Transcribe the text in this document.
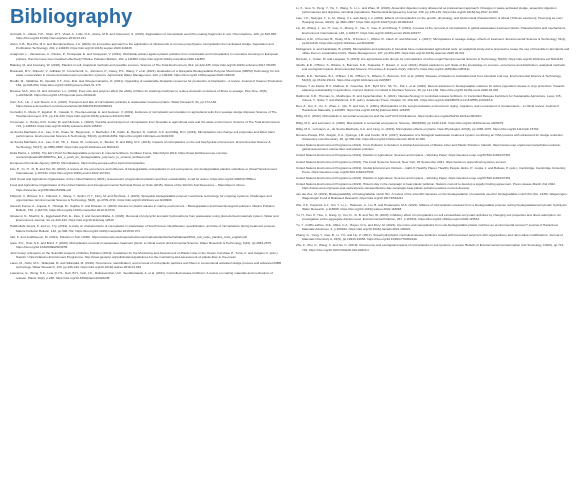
Bibliography

Accinelli, C., Abbas, H.K., Shier, W.T., Vicari, A., Little, N.S., Aloise, M.R. and Giacomini, S. (2019). Degradation of microplastic seed film-coating fragments in soil. Chemosphere, 226, pp.645-650. https://doi.org/10.1016/j.chemosphere.2019.03.161

Alvim, C.B., Bes-Piá, M.A. and Mendoza-Roca, J.A. (2020). An innovative approach to the application of ultrasounds to remove polyethylene microplastics from activated sludge. Separation and Purification Technology, 204, p.118439. https://doi.org/10.1016/j.seppur.2020.118439

Anagnosti, L., Varvaresou, A., Pavlou, P., Protopapa, E. and Carayanni, V. (2021). Worldwide actions against plastic pollution from microbeads and microplastics in cosmetics focusing on European policies. Has the issue been handled effectively? Marine Pollution Bulletin, 162, p.111883. https://doi.org/10.1016/j.marpolbul.2020.111883

Blaising, M. and Amelung, W. (2018). Plastics in soil: Analytical methods and possible sources. Science of The Total Environment, 612, pp.422-435. https://doi.org/10.1016/j.scitotenv.2017.08.086

Braunack, M.V., Filipović, V., Adhikari, R., Freischmidt, G., Johnston, P., Casey, P.S., Wang, Y. et al. (2021). Evaluation of a Sprayable Biodegradable Polymer Membrane (SBPM) Technology for soil water conservation in tomato and watermelon production systems. Agricultural Water Management, 243, p.106446. https://doi.org/10.1016/j.agwat.2020.106446

Brodhi, M., Vallabias, M., Opelalli, V.T., Arce, M.E. and Ortega-Caniazco, D. (2021). Upgrading of sustainable bioplastic resources for production of bioplastics - A review. Journal of Cleaner Production, 182, pp.646-664. https://doi.org/10.1016/j.jclepro.2021.01.175

Browne, M.A., Ros, M. and Johnston, L.L. (2020). Pore-size and polymer affect the ability of filters for washing-machines to reduce domestic emissions of fibres to sewage. Plos One, 15(6), p.e0234248. https://doi.org/10.1371/journal.pone.0234248

Carr, S.A., Liu, J. and Tesoro, A.G. (2016). Transport and fate of microplastic particles in wastewater treatment plants. Water Research, 91, pp.174-182. https://www.sciencedirect.com/science/article/pii/S0043135416300021

Corradini, F., Meza, P., Eguiluz, R., Casado, F., Huerta-Lwanga, E. and Geissen, V. (2019). Evidence of microplastic accumulation in agricultural soils from sewage sludge disposal. Science of The Total Environment, 671, pp.411-420. https://doi.org/10.1016/j.scitotenv.2019.03.368

Crossman, J., Hurley, R.R., Futter, M. and Nizzetto, L. (2020). Transfer and transport of microplastics from biosolids to agricultural soils and the wider environment. Science of The Total Environment, 724, p.138334. https://doi.org/10.1016/j.scitotenv.2020.138334

de Souza Machado, A.A., Lau, C.W., Kloas, W., Bergmann, J., Bachelier, J.B., Faltin, E., Becker, R., Görlich, A.S. and Rillig, M.C. (2019). Microplastics can change soil properties and affect plant performance. Environmental Science & Technology, 53(10), pp.6044-6052. https://doi.org/10.1021/acs.est.9b01339

de Souza Machado, A.A., Lau, C.W., Till, J., Kloas, W., Lehmann, A., Becker, R. and Rillig, M.C. (2018). Impacts of microplastics on the soil biophysical environment. Environmental Science & Technology, 52(17), pp.9656-9665. https://doi.org/10.1021/acs.est.8b02212

Della Pietra, L. (2019). The EU's Push for Biodegradable polymers in mineral fertilisers. Fertiliser Focus, March/April 2019. https://www.fertilizereurope.com/wp-content/uploads/2019/08/The_EU_s_push_for_biodegradable_polymers_in_mineral_fertilisers.pdf

European Chemicals Agency (2019). Microplastics. https://echa.europa.eu/hot-topics/microplastics

Fan, P., Yu, H., Xi, B. and Tan, W. (2022). A review on the occurrence and influence of biodegradable microplastics in soil ecosystems: Are biodegradable plastics substitute or threat? Environment International, p.107244. https://doi.org/10.1016/j.envint.2022.107244

FAO (Food and Agriculture Organization of the United Nations) (2021). Assessment of agricultural plastics and their sustainability: A call for action. https://doi.org/10.4060/cb7856en

Food and Agriculture Organization of the United Nations and Intergovernmental Technical Panel on Soils (2015). Status of the World's Soil Resources – Main Report. Rome. https://www.fao.org/3/i5199e/I5199E.pdf

Filipović, V., Bristow, K.L., Filipović, L., Wang, Y., Sintim, H.Y., Flury, M. and Šimůnek, J. (2020). Sprayable biodegradable polymer membrane technology for cropping systems: Challenges and opportunities. Environmental Science & Technology, 54(8), pp.4709-4711. https://doi.org/10.1021/acs.est.0c00909

Ganesh Kumar, A., Anjana, K., Hinduja, M., Sujitha, K. and Dharani, G. (2020). Review on plastic wastes in marine environment – Biodegradation and biotechnological solutions. Marine Pollution Bulletin, 150, p.110733. https://doi.org/10.1016/j.marpolbul.2019.110733

Ghasemi, N., Sberbly, G., Eggebøedl-Poh, E., Zare, F. and Gozentnillaba, A. (2020). Removal of polycyclic aromatic hydrocarbons from wastewater using plant-derived materials system. Water and Environment Journal, 34, pp.420-424. https://doi.org/10.1111/wej.12540

Habibollahi Jevani, K. and Lu, T.Q. (2019). A study on characteristics of microplastic in wastewater of South Korea: Identification, quantification, and fate of microplastics during treatment process. Marine Pollution Bulletin, 146, pp.696-702. https://doi.org/10.1016/j.marpolbul.2019.06.071

Idel, K. and Jeddiheever, M. (2021). Plastics in Soil. NABU. https://www.nabu.de/imperia/md/content/nabude/landwirtschaft/aktuell/2021_soil_nabu_plastics_soils_english.pdf

Iyare, P.U., Ouki, S.K. and Bond, T. (2020). Microplastics removal in wastewater treatment plants: a critical review. Environmental Science: Water Research & Technology, 6(10), pp.2664-2675. https://doi.org/10.1039/D0EW00397B

Joint Group of Experts on the Scientific Aspects of Marine Pollution (2019). Guidelines for the Monitoring and Assessment of Plastic Litter in the Ocean. Kershaw, P., Turra, A. and Galgani, F. (eds.). Nairobi: United Nations Environment Programme. http://www.gesamp.org/publications/guidelines-for-the-monitoring-and-assessment-of-plastic-litter-in-the-ocean

Lares, M., Ncibi, M.C., Sillanpää, M. and Sillanpää, M. (2019). Occurrence, identification, and removal of microplastic particles and fibers in conventional activated sludge process and advanced MBR technology. Water Research, 133, pp.236-246. https://doi.org/10.1016/j.watres.2018.01.049

Lawrence, G., Wong, S.K., Low, D.Y.S., Goh, B.H., Goh, J.K., Ruktanonchai, U.R., Soottitantawat, A. et al. (2021). Controlled release fertilizers: A review on coating materials and mechanism of release. Plants 10(2), p.238. https://doi.org/10.3390/plants10020238

Li, X., Guo, S., Peng, Y., He, Y., Wang, S., Li, L. and Zhao, M. (2018). Anaerobic digestion using ultrasound as pretreatment approach: Changes in waste activated sludge, anaerobic digestion performances and digestive microbial populations. Biochemical Engineering Journal, 139, pp.139-145. https://doi.org/10.1016/j.bej.2017.11.009

Liao, Y.C., Nazygul, J., Li, M., Wang, X.L. and Jiang, L.J. (2019). Effects of microplastics on the growth, physiology, and biochemical characteristics of wheat (Triticum aestivum). Huan jing ke xue= Huanjing kexue, 40(10), pp.4661-4667. https://doi.org/10.13227/j.hjkx.201903113

Liu, W., Zhang, J., Liu, H., Guo, X., Zhang, X., Yao, X., Cao, Z. and Zhang, T. (2021). A review of the removal of microplastics in global wastewater treatment plants: Characteristics and mechanisms. Environment International, 146, p.106277. https://doi.org/10.1016/j.envint.2020.106277

Mahon, A.M., O'Connell, B., Healy, M.G., O'Connor, I., Officer, R., Nash, R. and Morrison, L. (2017). Microplastics in sewage sludge: effects of treatment. Environmental Science & Technology, 51(2), pp.810-818. https://doi.org/10.1021/acs.est.6b04048

Mohajerani, A. and Karabatak, B. (2020). Microplastics and pollutants in biosolids have contaminated agricultural soils: an analytical study and a proposal to cease the use of biosolids in farmlands and utilise them in sustainable bricks. Waste Management, 107, pp.252-265. https://doi.org/10.1016/j.wasman.2020.04.021

Nizzetto, L., Futter, M. and Langaas, S. (2016). Are agricultural soils dumps for microplastics of urban origin? Environmental Science & Technology, 50(20). https://doi.org/10.1021/acs.est.6b04140

Okoffo, E.D., O'Brien, S., Ribeiro, F., Burrows, S.D., Toapanta, T., Rauert, C. et al. (2021). Plastic particles in soil: State of the knowledge on sources, occurrence and distribution, analytical methods, and ecological impacts. Environmental Science: Processes & Impacts 23(2), 240-274. https://doi.org/10.1039/d0em00312c

Okoffo, E.D., Tscharke, B.J., O'Brien, J.W., O'Brien, S., Ribeiro, F., Burrows, S.D. et al. (2020). Release of plastics to Australian land from biosolids end-use. Environmental Science & Technology, 54(23), pp.15132-15141. https://doi.org/10.1021/acs.est.0c05867

Pritzato, T. de Farias, B.V., Mathew, R., Guenther, R.H., Byrd M.V., Sit, T.L., Pal, L. et al. (2020). Recent advances in biodegradable matrices for active ingredient release in crop protection: Towards attaining sustainability in agriculture. Current Opinion in Colloid & Interface Science, 46, pp.121-136. https://doi.org/10.1016/j.cocis.2020.03.002

Raithmnd, K.R., Thomas, G., Mukherjee, R. and Jayachandran, K. (2021). Nanotechnology in controlled-release fertilizers. In Controlled Release Fertilizers for Sustainable Agriculture. Lewu, F.B., Volova, T., Sabu, T. and Rakhimol, K.R. (eds.). Academic Press. Chapter 13, 169-181. https://doi.org/10.1016/B978-0-12-819555-0.00013-6

Ren, Z., Gui, X., Xu, X., Zhao, L., Qiu, H. and Cao, X. (2021). Microplastics in the soil-groundwater environment: Aging, migration, and co-transport of contaminants – a critical review. Journal of Hazardous Materials, p.126455. https://doi.org/10.1016/j.jhazmat.2021.126455

Rillig, M.C. (2012). Microplastic in terrestrial ecosystems and the soil? ACS Publications. https://pubs.acs.org/doi/full/10.1021/es302011r

Rillig, M.C. and Lehmann, A. (2020). Microplastic in terrestrial ecosystems. Science, 368(6498), pp.1430-1431. https://doi.org/10.1126/science.abb5979

Rillig, M.C., Lehmann, A., de Souza Machado, A.A. and Yang, G. (2019). Microplastic effects on plants. New Phytologist, 223(3), pp.1066-1070. https://doi.org/10.1111/nph.15794

Romero-Pareja, P.M., Aragón, C.A., Quiroga, J.M. and Coello, M.D. (2017). Evaluation of a biological wastewater treatment system combining an OSA process with ultrasound for sludge reduction. Ultrasonics sonochemistry, 36, pp.336-342. https://doi.org/10.1016/j.ultsonch.2016.12.006

United Nations Environment Programme (2021). From Pollution to Solution: A Global Assessment of Marine Litter and Plastic Pollution. Nairobi. https://www.unep.org/resources/pollution-solution-global-assessment-marine-litter-and-plastic-pollution

United Nations Environment Programme (2021). Plastics in Agriculture: Sources and Impacts – Working Paper. https://wedocs.unep.org/20.500.11822/37461

United Nations Environment Programme (2021). The Food Systems Summit. New York, 23 September 2021. https://www.un.org/en/food-systems-summit

United Nations Environment Programme (2019). Global Environment Outlook – GEO-6: Healthy Planet, Healthy People. Ekins, P., Gupta, J. and Boileau, P. (eds.). Cambridge: Cambridge University Press. https://wedocs.unep.org/20.500.11822/27539

United Nations Environment Programme (2022). Plastics in Agriculture: Sources and Impacts – Working Paper. https://wedocs.unep.org/20.500.11822/37461

United Nations Environment Programme (2022). Historic day in the campaign to beat plastic pollution: Nations commit to develop a legally binding agreement. Press release March 2nd 2022. https://www.unep.org/news-and-stories/press-release/historic-day-campaign-beat-plastic-pollution-nations-commit-develop

van der Zee, M. (2021). Biodegradability of biodegradable mulch film. A review of the scientific literature on the biodegradation of materials used for biodegradable mulch film (No. 2138). Wageningen: Wageningen Food & Biobased Research. https://doi.org/10.18174/544211

Wei, X.F., Capezza, A.J., Cui, Y., Li, L., Hakonen, A., Liu, B. and Hedenqvist, M.S. (2022). Millions of microplastics released from a biodegradable polymer during biodegradation/enzymatic hydrolysis. Water Research, p.118068. https://doi.org/10.1016/j.watres.2022.118068

Yu, H., Fan, P., Hou, J., Dang, Q., Cui, D., Xi, B. and Tan, W. (2020). Inhibitory effect of microplastics on soil extracellular enzymatic activities by changing soil properties and direct adsorption: An investigation at the aggregate-fraction level. Environmental Pollution, 267, p.115544. https://doi.org/10.1016/j.envpol.2020.115544

Yu, Y., Griffin-LaHue, D.E., Miles, C.A., Hayes, D.G. and Flury, M. (2021). Are micro-and nanoplastics from soil-biodegradable plastic mulches an environmental concern? Journal of Hazardous Materials Advances, 4, p.100024. https://doi.org/10.1016/j.hazadv.2021.100024

Zhang, G., Yang, Y., Gao, B., Li, Y.C. and Liu, Z. (2017). Superhydrophobic controlled-release fertilizers coated with bio-based polymers with organosilicon and nano-silica modifications. Journal of Materials Chemistry A, 42(5), pp.19943-19953. https://doi.org/10.1039/C7TA06014A

Zhu, F., Zhu, C., Wang, C. and Gu, C. (2019). Occurrence and ecological impacts of microplastics in soil systems: a review. Bulletin of Environmental Contamination and Toxicology, 102(6), pp.741-749. https://doi.org/10.1007/s00128-019-02623-z
